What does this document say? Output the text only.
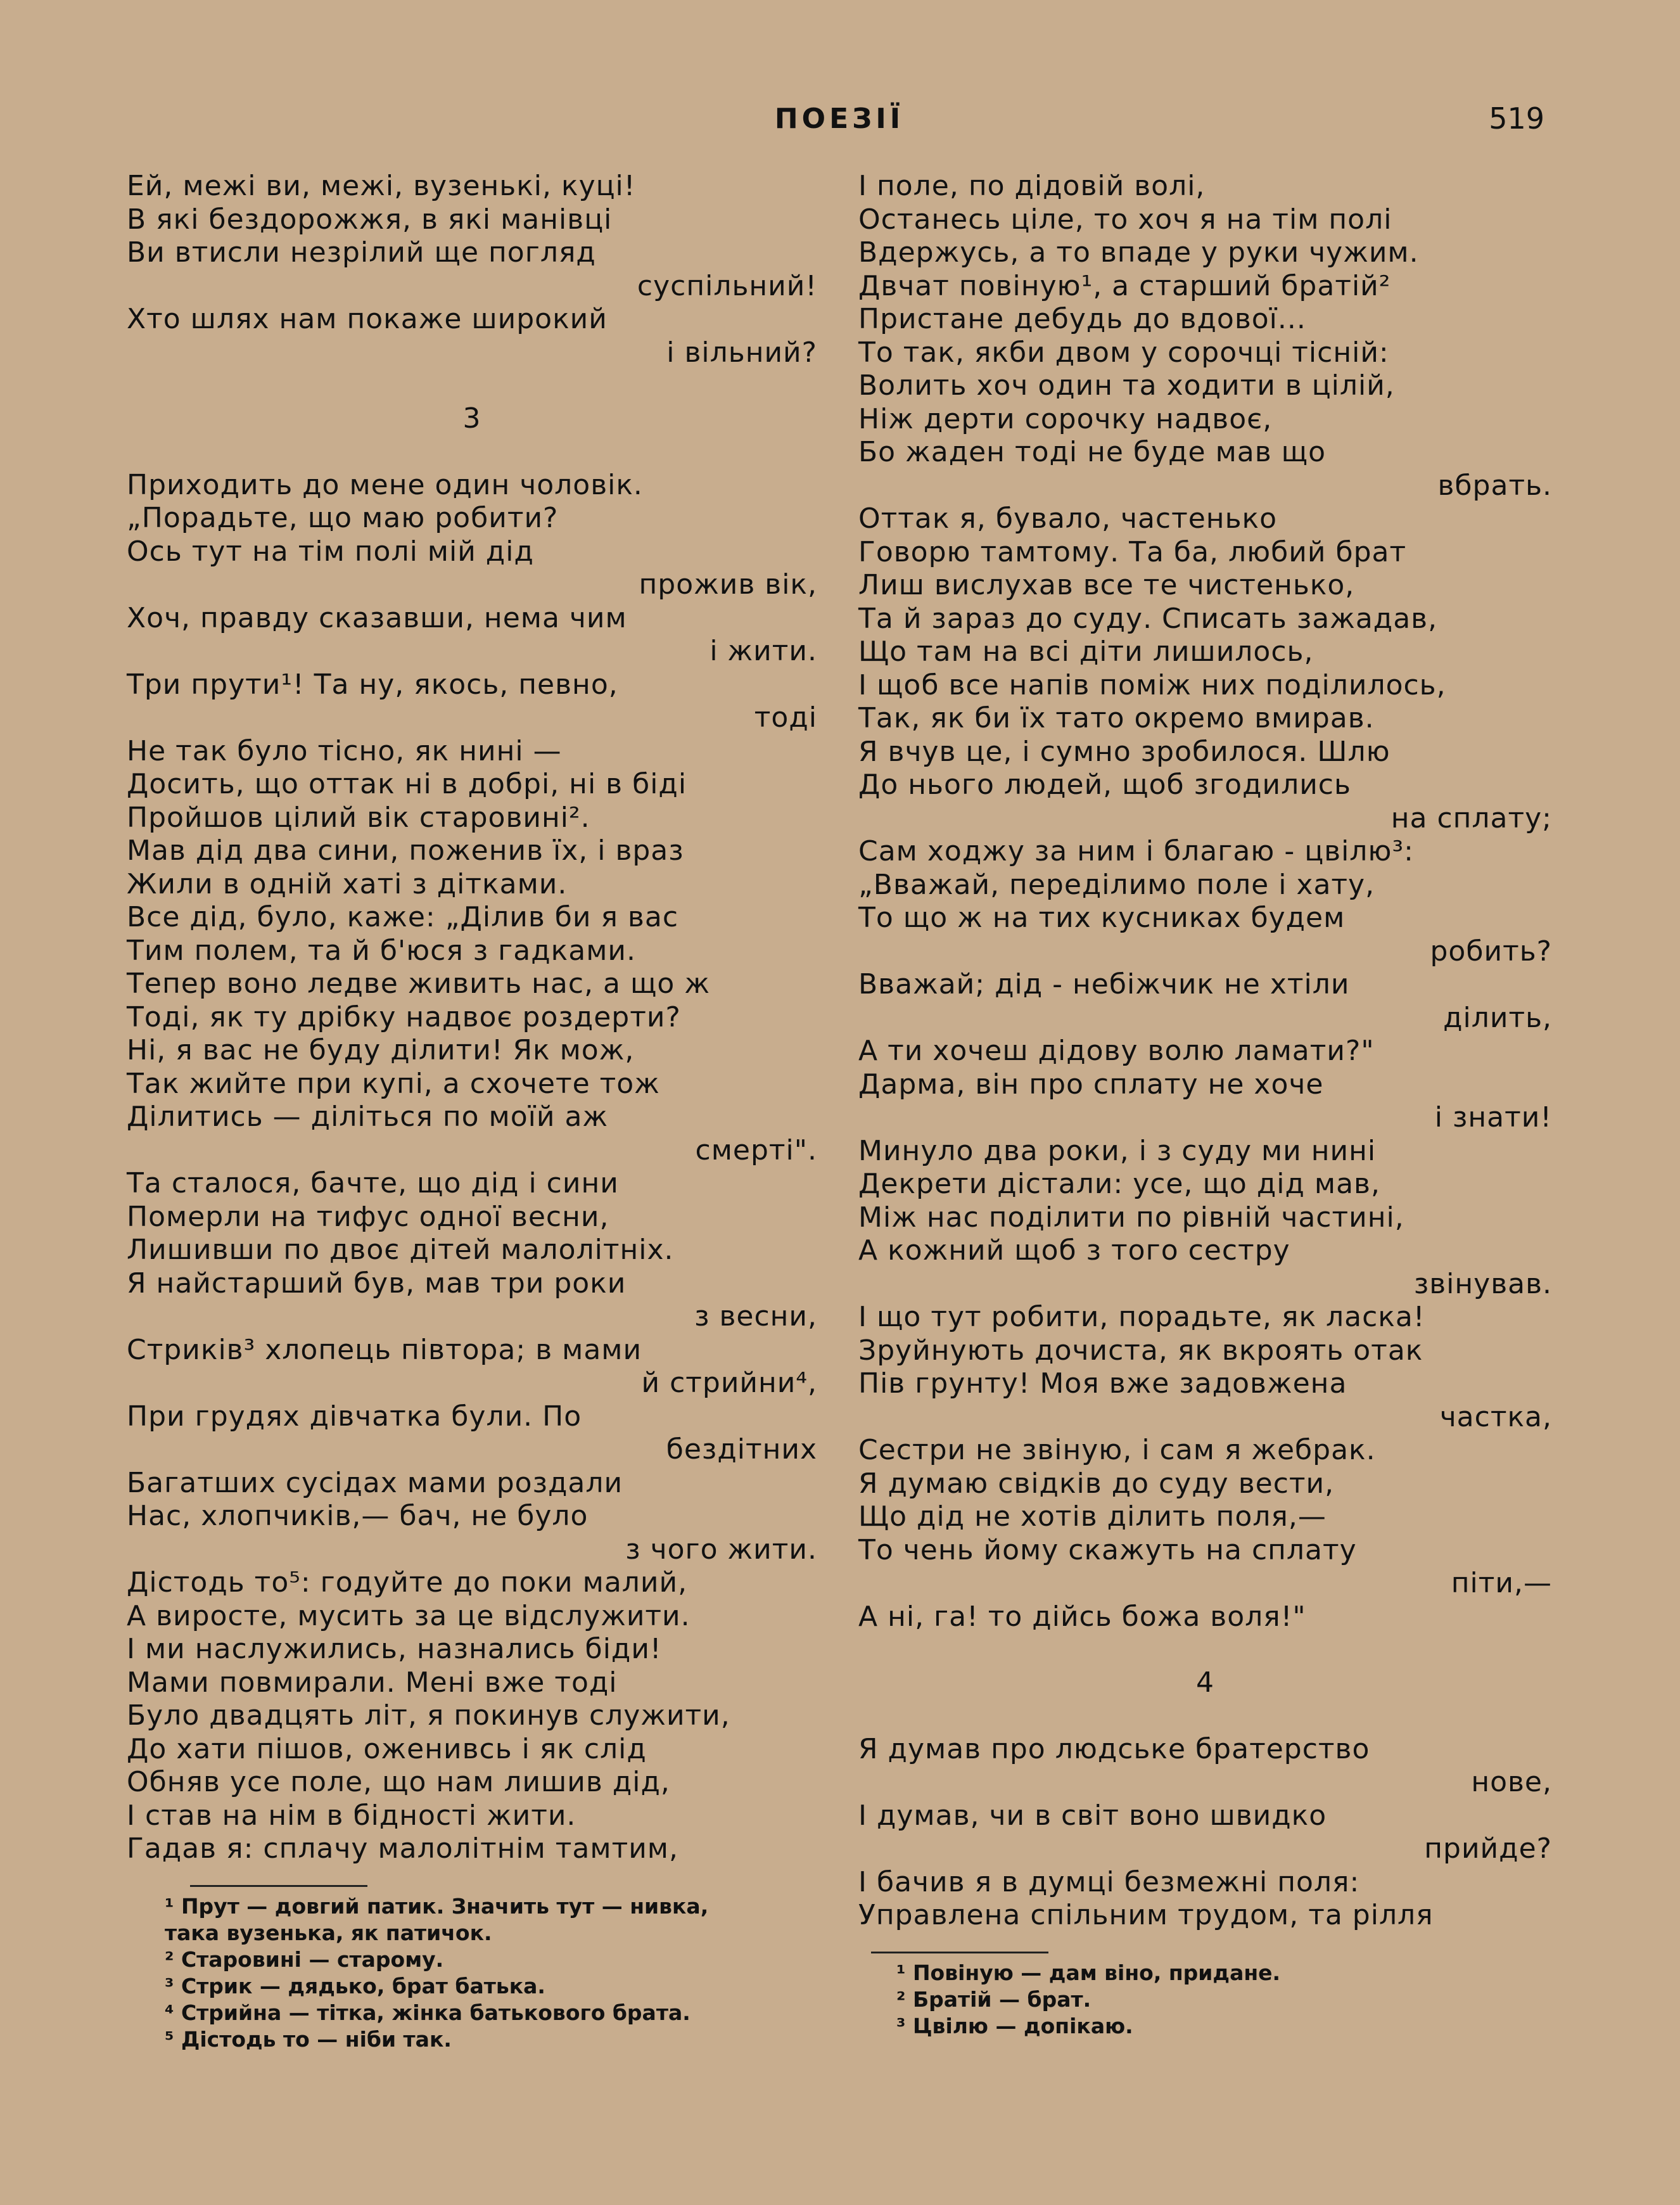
ПОЕЗІЇ	519
Ей, межі ви, межі, вузенькі, куці!
В які бездорожжя, в які манівці
Ви втисли незрілий ще погляд
суспільний!
Хто шлях нам покаже широкий
і вільний?
3
Приходить до мене один чоловік.
„Порадьте, що маю робити?
Ось тут на тім полі мій дід
прожив вік,
Хоч, правду сказавши, нема чим
і жити.
Три прути¹! Та ну, якось, певно,
тоді
Не так було тісно, як нині —
Досить, що оттак ні в добрі, ні в біді
Пройшов цілий вік старовині².
Мав дід два сини, поженив їх, і враз
Жили в одній хаті з дітками.
Все дід, було, каже: „Ділив би я вас
Тим полем, та й б'юся з гадками.
Тепер воно ледве живить нас, а що ж
Тоді, як ту дрібку надвоє роздерти?
Ні, я вас не буду ділити! Як мож,
Так жийте при купі, а схочете тож
Ділитись — діліться по моїй аж
смерті".
Та сталося, бачте, що дід і сини
Померли на тифус одної весни,
Лишивши по двоє дітей малолітніх.
Я найстарший був, мав три роки
з весни,
Стриків³ хлопець півтора; в мами
й стрийни⁴,
При грудях дівчатка були. По
бездітних
Багатших сусідах мами роздали
Нас, хлопчиків,— бач, не було
з чого жити.
Дістодь то⁵: годуйте до поки малий,
А виросте, мусить за це відслужити.
І ми наслужились, назнались біди!
Мами повмирали. Мені вже тоді
Було двадцять літ, я покинув служити,
До хати пішов, оженивсь і як слід
Обняв усе поле, що нам лишив дід,
І став на нім в бідності жити.
Гадав я: сплачу малолітнім тамтим,
¹ Прут — довгий патик. Значить тут — нивка,
така вузенька, як патичок.
² Старовині — старому.
³ Стрик — дядько, брат батька.
⁴ Стрийна — тітка, жінка батькового брата.
⁵ Дістодь то — ніби так.
І поле, по дідовій волі,
Останесь ціле, то хоч я на тім полі
Вдержусь, а то впаде у руки чужим.
Двчат повіную¹, а старший братій²
Пристане дебудь до вдової...
То так, якби двом у сорочці тісній:
Волить хоч один та ходити в цілій,
Ніж дерти сорочку надвоє,
Бо жаден тоді не буде мав що
вбрать.
Оттак я, бувало, частенько
Говорю тамтому. Та ба, любий брат
Лиш вислухав все те чистенько,
Та й зараз до суду. Списать зажадав,
Що там на всі діти лишилось,
І щоб все напів поміж них поділилось,
Так, як би їх тато окремо вмирав.
Я вчув це, і сумно зробилося. Шлю
До нього людей, щоб згодились
на сплату;
Сам ходжу за ним і благаю - цвілю³:
„Вважай, переділимо поле і хату,
То що ж на тих кусниках будем
робить?
Вважай; дід - небіжчик не хтіли
ділить,
А ти хочеш дідову волю ламати?"
Дарма, він про сплату не хоче
і знати!
Минуло два роки, і з суду ми нині
Декрети дістали: усе, що дід мав,
Між нас поділити по рівній частині,
А кожний щоб з того сестру
звінував.
І що тут робити, порадьте, як ласка!
Зруйнують дочиста, як вкроять отак
Пів грунту! Моя вже задовжена
частка,
Сестри не звіную, і сам я жебрак.
Я думаю свідків до суду вести,
Що дід не хотів ділить поля,—
То чень йому скажуть на сплату
піти,—
А ні, га! то дійсь божа воля!"
4
Я думав про людське братерство
нове,
І думав, чи в світ воно швидко
прийде?
І бачив я в думці безмежні поля:
Управлена спільним трудом, та рілля
¹ Повіную — дам віно, придане.
² Братій — брат.
³ Цвілю — допікаю.
